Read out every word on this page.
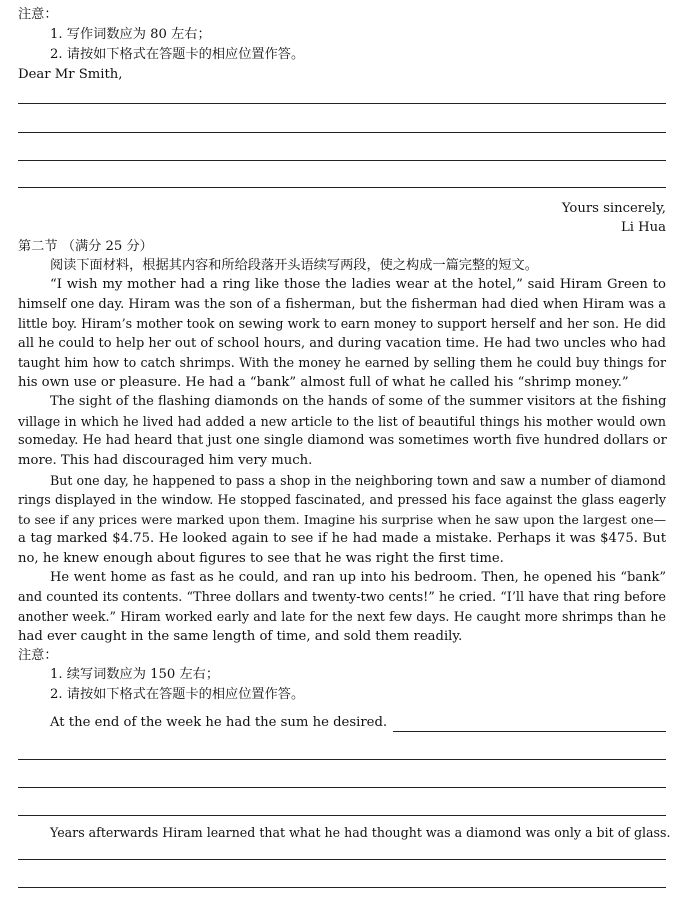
注意：
1. 写作词数应为 80 左右；
2. 请按如下格式在答题卡的相应位置作答。
Dear Mr Smith,
Yours sincerely,
Li Hua
第二节 （满分 25 分）
阅读下面材料，根据其内容和所给段落开头语续写两段，使之构成一篇完整的短文。
“I wish my mother had a ring like those the ladies wear at the hotel,” said Hiram Green to
himself one day. Hiram was the son of a fisherman, but the fisherman had died when Hiram was a
little boy. Hiram’s mother took on sewing work to earn money to support herself and her son. He did
all he could to help her out of school hours, and during vacation time. He had two uncles who had
taught him how to catch shrimps. With the money he earned by selling them he could buy things for
his own use or pleasure. He had a “bank” almost full of what he called his “shrimp money.”
The sight of the flashing diamonds on the hands of some of the summer visitors at the fishing
village in which he lived had added a new article to the list of beautiful things his mother would own
someday. He had heard that just one single diamond was sometimes worth five hundred dollars or
more. This had discouraged him very much.
But one day, he happened to pass a shop in the neighboring town and saw a number of diamond
rings displayed in the window. He stopped fascinated, and pressed his face against the glass eagerly
to see if any prices were marked upon them. Imagine his surprise when he saw upon the largest one—
a tag marked $4.75. He looked again to see if he had made a mistake. Perhaps it was $475. But
no, he knew enough about figures to see that he was right the first time.
He went home as fast as he could, and ran up into his bedroom. Then, he opened his “bank”
and counted its contents. “Three dollars and twenty-two cents!” he cried. “I’ll have that ring before
another week.” Hiram worked early and late for the next few days. He caught more shrimps than he
had ever caught in the same length of time, and sold them readily.
注意：
1. 续写词数应为 150 左右；
2. 请按如下格式在答题卡的相应位置作答。
At the end of the week he had the sum he desired.
Years afterwards Hiram learned that what he had thought was a diamond was only a bit of glass.
